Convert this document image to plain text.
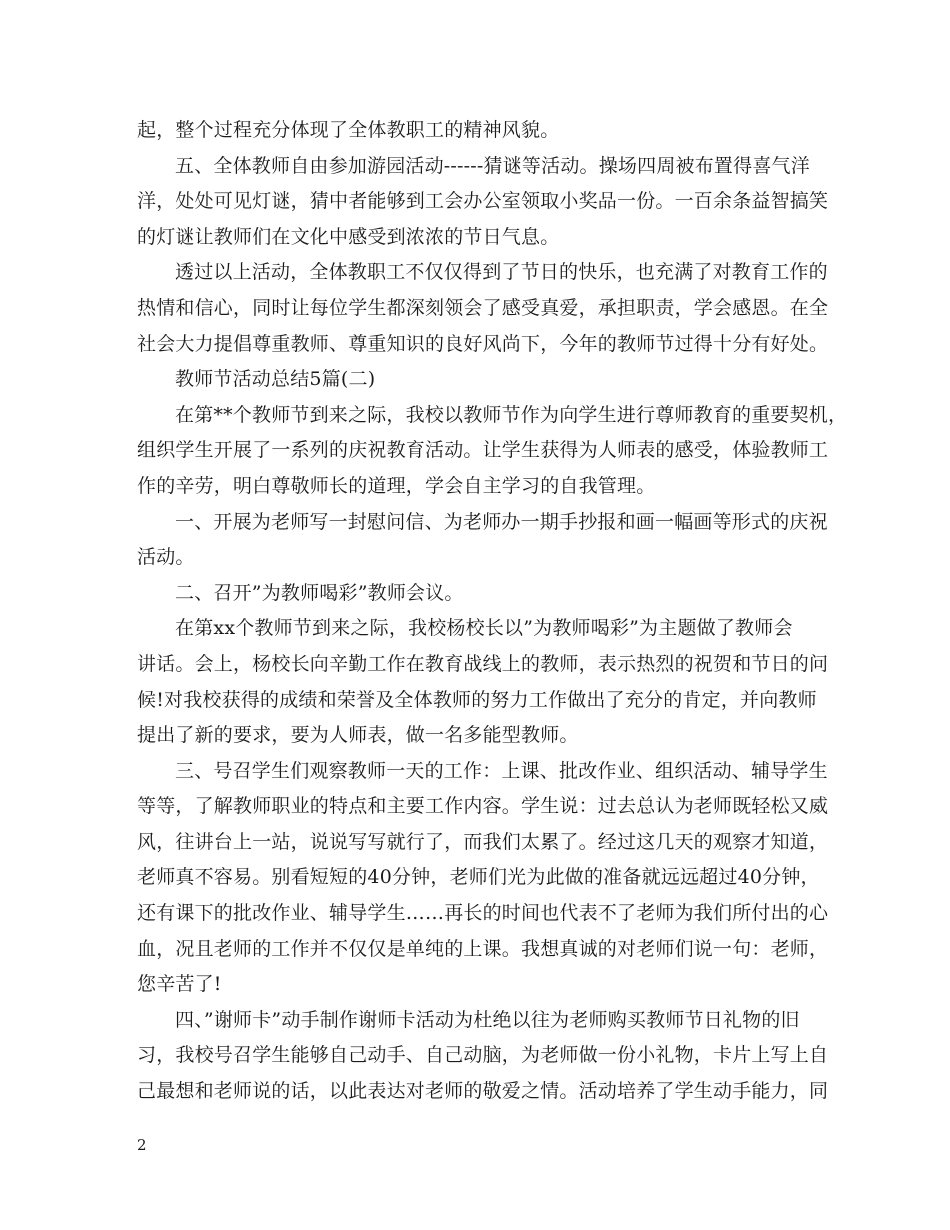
起，整个过程充分体现了全体教职工的精神风貌。
五、全体教师自由参加游园活动------猜谜等活动。操场四周被布置得喜气洋
洋，处处可见灯谜，猜中者能够到工会办公室领取小奖品一份。一百余条益智搞笑
的灯谜让教师们在文化中感受到浓浓的节日气息。
透过以上活动，全体教职工不仅仅得到了节日的快乐，也充满了对教育工作的
热情和信心，同时让每位学生都深刻领会了感受真爱，承担职责，学会感恩。在全
社会大力提倡尊重教师、尊重知识的良好风尚下，今年的教师节过得十分有好处。
教师节活动总结5篇(二)
在第**个教师节到来之际，我校以教师节作为向学生进行尊师教育的重要契机，
组织学生开展了一系列的庆祝教育活动。让学生获得为人师表的感受，体验教师工
作的辛劳，明白尊敬师长的道理，学会自主学习的自我管理。
一、开展为老师写一封慰问信、为老师办一期手抄报和画一幅画等形式的庆祝
活动。
二、召开”为教师喝彩”教师会议。
在第xx个教师节到来之际，我校杨校长以”为教师喝彩”为主题做了教师会
讲话。会上，杨校长向辛勤工作在教育战线上的教师，表示热烈的祝贺和节日的问
候!对我校获得的成绩和荣誉及全体教师的努力工作做出了充分的肯定，并向教师
提出了新的要求，要为人师表，做一名多能型教师。
三、号召学生们观察教师一天的工作：上课、批改作业、组织活动、辅导学生
等等，了解教师职业的特点和主要工作内容。学生说：过去总认为老师既轻松又威
风，往讲台上一站，说说写写就行了，而我们太累了。经过这几天的观察才知道，
老师真不容易。别看短短的40分钟，老师们光为此做的准备就远远超过40分钟，
还有课下的批改作业、辅导学生……再长的时间也代表不了老师为我们所付出的心
血，况且老师的工作并不仅仅是单纯的上课。我想真诚的对老师们说一句：老师，
您辛苦了!
四、”谢师卡”动手制作谢师卡活动为杜绝以往为老师购买教师节日礼物的旧
习，我校号召学生能够自己动手、自己动脑，为老师做一份小礼物，卡片上写上自
己最想和老师说的话，以此表达对老师的敬爱之情。活动培养了学生动手能力，同
2
